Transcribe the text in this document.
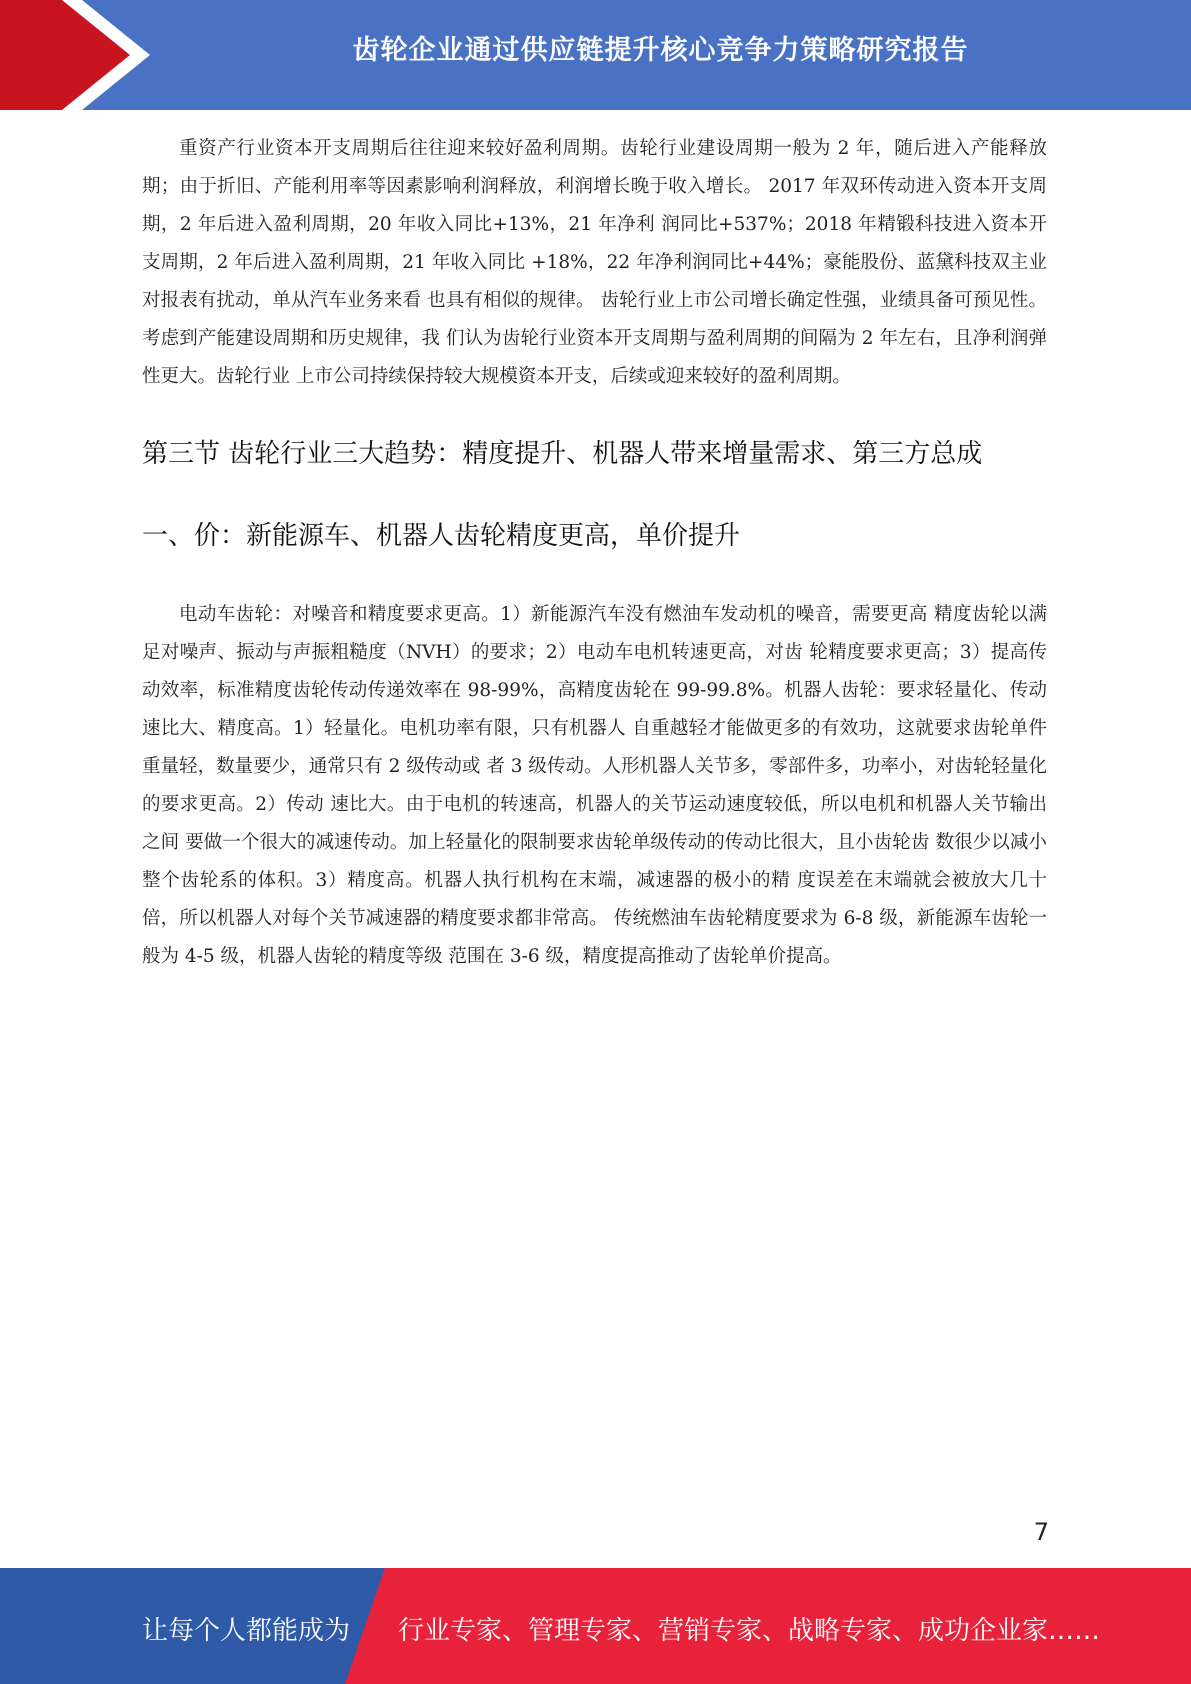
齿轮企业通过供应链提升核心竞争力策略研究报告

重资产行业资本开支周期后往往迎来较好盈利周期。齿轮行业建设周期一般为 2 年，随后进入产能释放期；由于折旧、产能利用率等因素影响利润释放，利润增长晚于收入增长。 2017 年双环传动进入资本开支周期，2 年后进入盈利周期，20 年收入同比+13%，21 年净利 润同比+537%；2018 年精锻科技进入资本开支周期，2 年后进入盈利周期，21 年收入同比 +18%，22 年净利润同比+44%；豪能股份、蓝黛科技双主业对报表有扰动，单从汽车业务来看 也具有相似的规律。 齿轮行业上市公司增长确定性强，业绩具备可预见性。考虑到产能建设周期和历史规律，我 们认为齿轮行业资本开支周期与盈利周期的间隔为 2 年左右，且净利润弹性更大。齿轮行业 上市公司持续保持较大规模资本开支，后续或迎来较好的盈利周期。

第三节 齿轮行业三大趋势：精度提升、机器人带来增量需求、第三方总成
一、价：新能源车、机器人齿轮精度更高，单价提升

电动车齿轮：对噪音和精度要求更高。1）新能源汽车没有燃油车发动机的噪音，需要更高 精度齿轮以满足对噪声、振动与声振粗糙度（NVH）的要求；2）电动车电机转速更高，对齿 轮精度要求更高；3）提高传动效率，标准精度齿轮传动传递效率在 98-99%，高精度齿轮在 99-99.8%。机器人齿轮：要求轻量化、传动速比大、精度高。1）轻量化。电机功率有限，只有机器人 自重越轻才能做更多的有效功，这就要求齿轮单件重量轻，数量要少，通常只有 2 级传动或 者 3 级传动。人形机器人关节多，零部件多，功率小，对齿轮轻量化的要求更高。2）传动 速比大。由于电机的转速高，机器人的关节运动速度较低，所以电机和机器人关节输出之间 要做一个很大的减速传动。加上轻量化的限制要求齿轮单级传动的传动比很大，且小齿轮齿 数很少以减小整个齿轮系的体积。3）精度高。机器人执行机构在末端，减速器的极小的精 度误差在末端就会被放大几十倍，所以机器人对每个关节减速器的精度要求都非常高。 传统燃油车齿轮精度要求为 6-8 级，新能源车齿轮一般为 4-5 级，机器人齿轮的精度等级 范围在 3-6 级，精度提高推动了齿轮单价提高。

7
让每个人都能成为 行业专家、管理专家、营销专家、战略专家、成功企业家……
